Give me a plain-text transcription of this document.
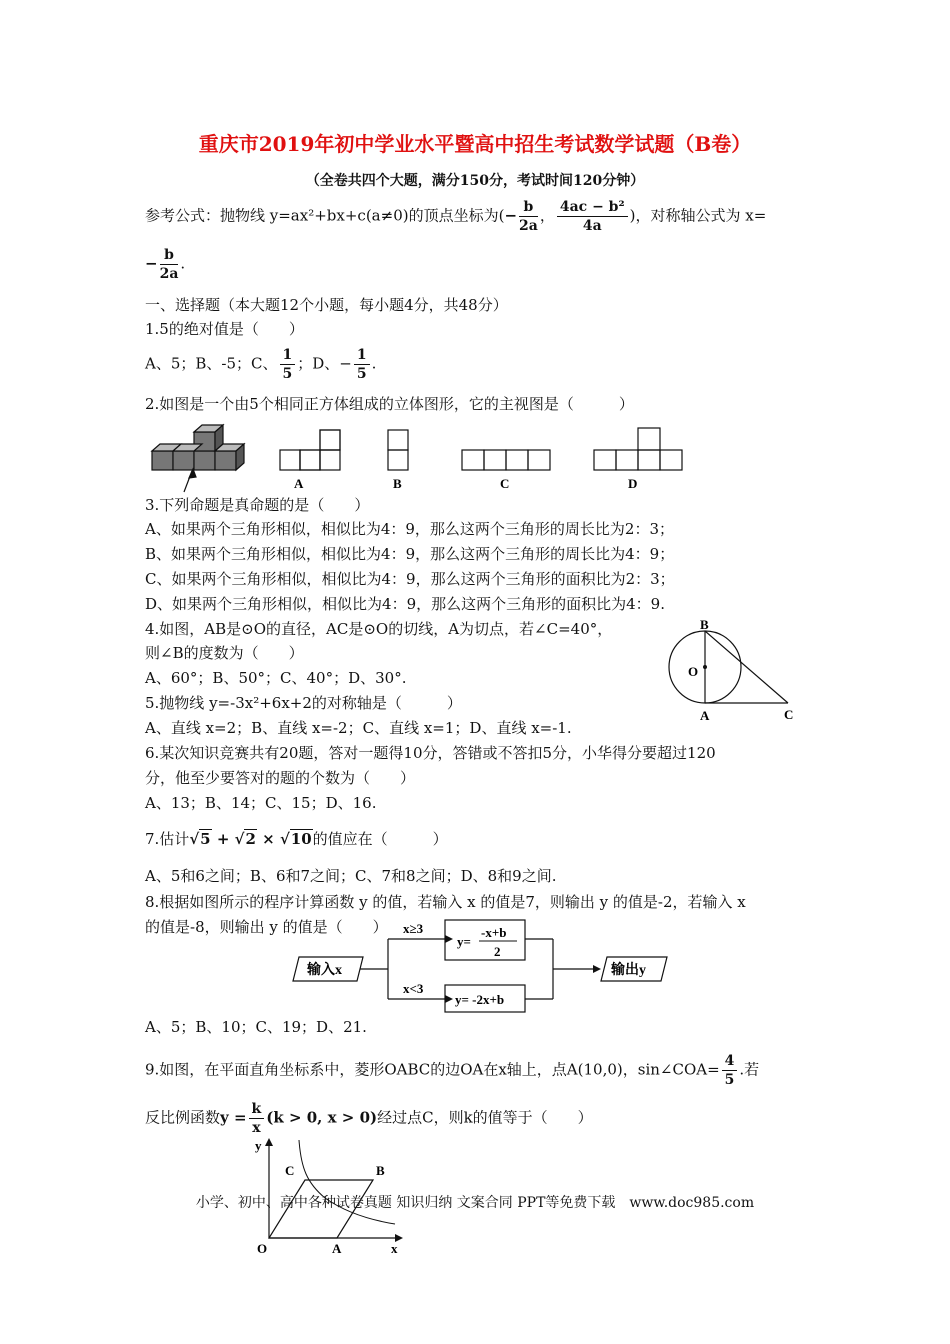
重庆市2019年初中学业水平暨高中招生考试数学试题（B卷）
（全卷共四个大题，满分150分，考试时间120分钟）
参考公式：抛物线 y=ax²+bx+c(a≠0)的顶点坐标为(− $\frac{b}{2a}$ ， $\frac{\text{4ac − b²}}{4a}$ )，对称轴公式为 x=
− $\frac{b}{2a}$ .
一、选择题（本大题12个小题，每小题4分，共48分）
1.5的绝对值是（　　）
A、5；B、-5；C、 $\frac{1}{5}$ ；D、− $\frac{1}{5}$ .
2.如图是一个由5个相同正方体组成的立体图形，它的主视图是（　　　）
A	B	C	D
3.下列命题是真命题的是（　　）
A、如果两个三角形相似，相似比为4：9，那么这两个三角形的周长比为2：3；
B、如果两个三角形相似，相似比为4：9，那么这两个三角形的周长比为4：9；
C、如果两个三角形相似，相似比为4：9，那么这两个三角形的面积比为2：3；
D、如果两个三角形相似，相似比为4：9，那么这两个三角形的面积比为4：9.
4.如图，AB是⊙O的直径，AC是⊙O的切线，A为切点，若∠C=40°，
则∠B的度数为（　　）
A、60°；B、50°；C、40°；D、30°.
B
O
A	C
5.抛物线 y=-3x²+6x+2的对称轴是（　　　）
A、直线 x=2；B、直线 x=-2；C、直线 x=1；D、直线 x=-1.
6.某次知识竞赛共有20题，答对一题得10分，答错或不答扣5分，小华得分要超过120
分，他至少要答对的题的个数为（　　）
A、13；B、14；C、15；D、16.
7.估计√5 + √2 × √10的值应在（　　　）
A、5和6之间；B、6和7之间；C、7和8之间；D、8和9之间.
8.根据如图所示的程序计算函数 y 的值，若输入 x 的值是7，则输出 y 的值是-2，若输入 x
的值是-8，则输出 y 的值是（　　）
输入x
x≥3
x<3
y=
-x+b
2
y= -2x+b
输出y
A、5；B、10；C、19；D、21.
9.如图，在平面直角坐标系中，菱形OABC的边OA在x轴上，点A(10,0)，sin∠COA= $\frac{4}{5}$ .若
反比例函数$y = \frac{k}{x} (k > 0$, x > 0)经过点C，则k的值等于（　　）
y
C	B
O	A	x
小学、初中、高中各种试卷真题 知识归纳 文案合同 PPT等免费下载　www.doc985.com
